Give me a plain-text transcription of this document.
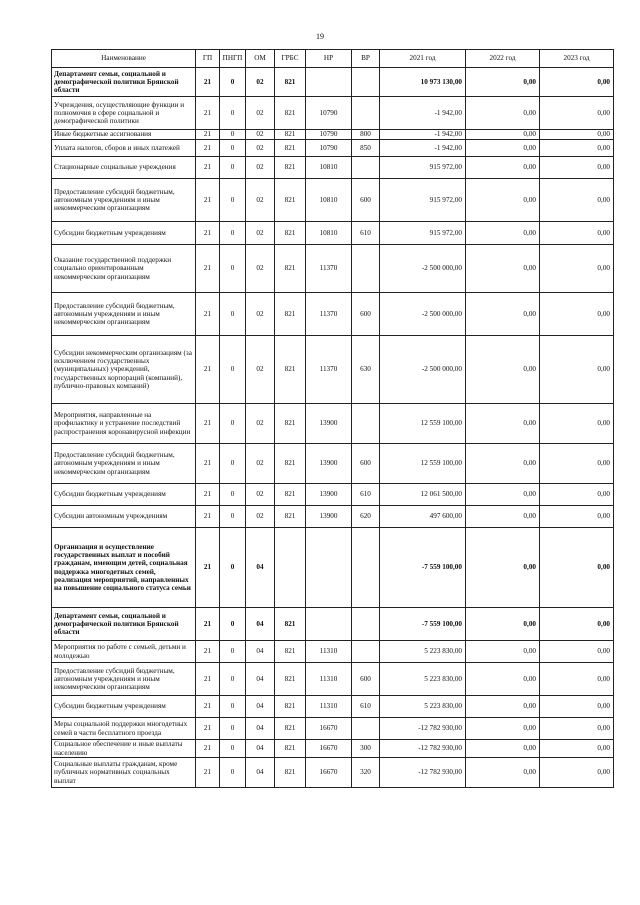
19
Наименование	ГП	ПНГП	ОМ	ГРБС	НР	ВР	2021 год	2022 год	2023 год
Департамент семьи, социальной и демографической политики Брянской области	21	0	02	821			10 973 130,00	0,00	0,00
Учреждения, осуществляющие функции и полномочия в сфере социальной и демографической политики	21	0	02	821	10790		-1 942,00	0,00	0,00
Иные бюджетные ассигнования	21	0	02	821	10790	800	-1 942,00	0,00	0,00
Уплата налогов, сборов и иных платежей	21	0	02	821	10790	850	-1 942,00	0,00	0,00
Стационарные социальные учреждения	21	0	02	821	10810		915 972,00	0,00	0,00
Предоставление субсидий бюджетным, автономным учреждениям и иным некоммерческим организациям	21	0	02	821	10810	600	915 972,00	0,00	0,00
Субсидии бюджетным учреждениям	21	0	02	821	10810	610	915 972,00	0,00	0,00
Оказание государственной поддержки социально ориентированным некоммерческим организациям	21	0	02	821	11370		-2 500 000,00	0,00	0,00
Предоставление субсидий бюджетным, автономным учреждениям и иным некоммерческим организациям	21	0	02	821	11370	600	-2 500 000,00	0,00	0,00
Субсидии некоммерческим организациям (за исключением государственных (муниципальных) учреждений, государственных корпораций (компаний), публично-правовых компаний)	21	0	02	821	11370	630	-2 500 000,00	0,00	0,00
Мероприятия, направленные на профилактику и устранение последствий распространения коронавирусной инфекции	21	0	02	821	13900		12 559 100,00	0,00	0,00
Предоставление субсидий бюджетным, автономным учреждениям и иным некоммерческим организациям	21	0	02	821	13900	600	12 559 100,00	0,00	0,00
Субсидии бюджетным учреждениям	21	0	02	821	13900	610	12 061 500,00	0,00	0,00
Субсидии автономным учреждениям	21	0	02	821	13900	620	497 600,00	0,00	0,00
Организация и осуществление государственных выплат и пособий гражданам, имеющим детей, социальная поддержка многодетных семей, реализация мероприятий, направленных на повышение социального статуса семьи	21	0	04				-7 559 100,00	0,00	0,00
Департамент семьи, социальной и демографической политики Брянской области	21	0	04	821			-7 559 100,00	0,00	0,00
Мероприятия по работе с семьей, детьми и молодежью	21	0	04	821	11310		5 223 830,00	0,00	0,00
Предоставление субсидий бюджетным, автономным учреждениям и иным некоммерческим организациям	21	0	04	821	11310	600	5 223 830,00	0,00	0,00
Субсидии бюджетным учреждениям	21	0	04	821	11310	610	5 223 830,00	0,00	0,00
Меры социальной поддержки многодетных семей в части бесплатного проезда	21	0	04	821	16670		-12 782 930,00	0,00	0,00
Социальное обеспечение и иные выплаты населению	21	0	04	821	16670	300	-12 782 930,00	0,00	0,00
Социальные выплаты гражданам, кроме публичных нормативных социальных выплат	21	0	04	821	16670	320	-12 782 930,00	0,00	0,00
